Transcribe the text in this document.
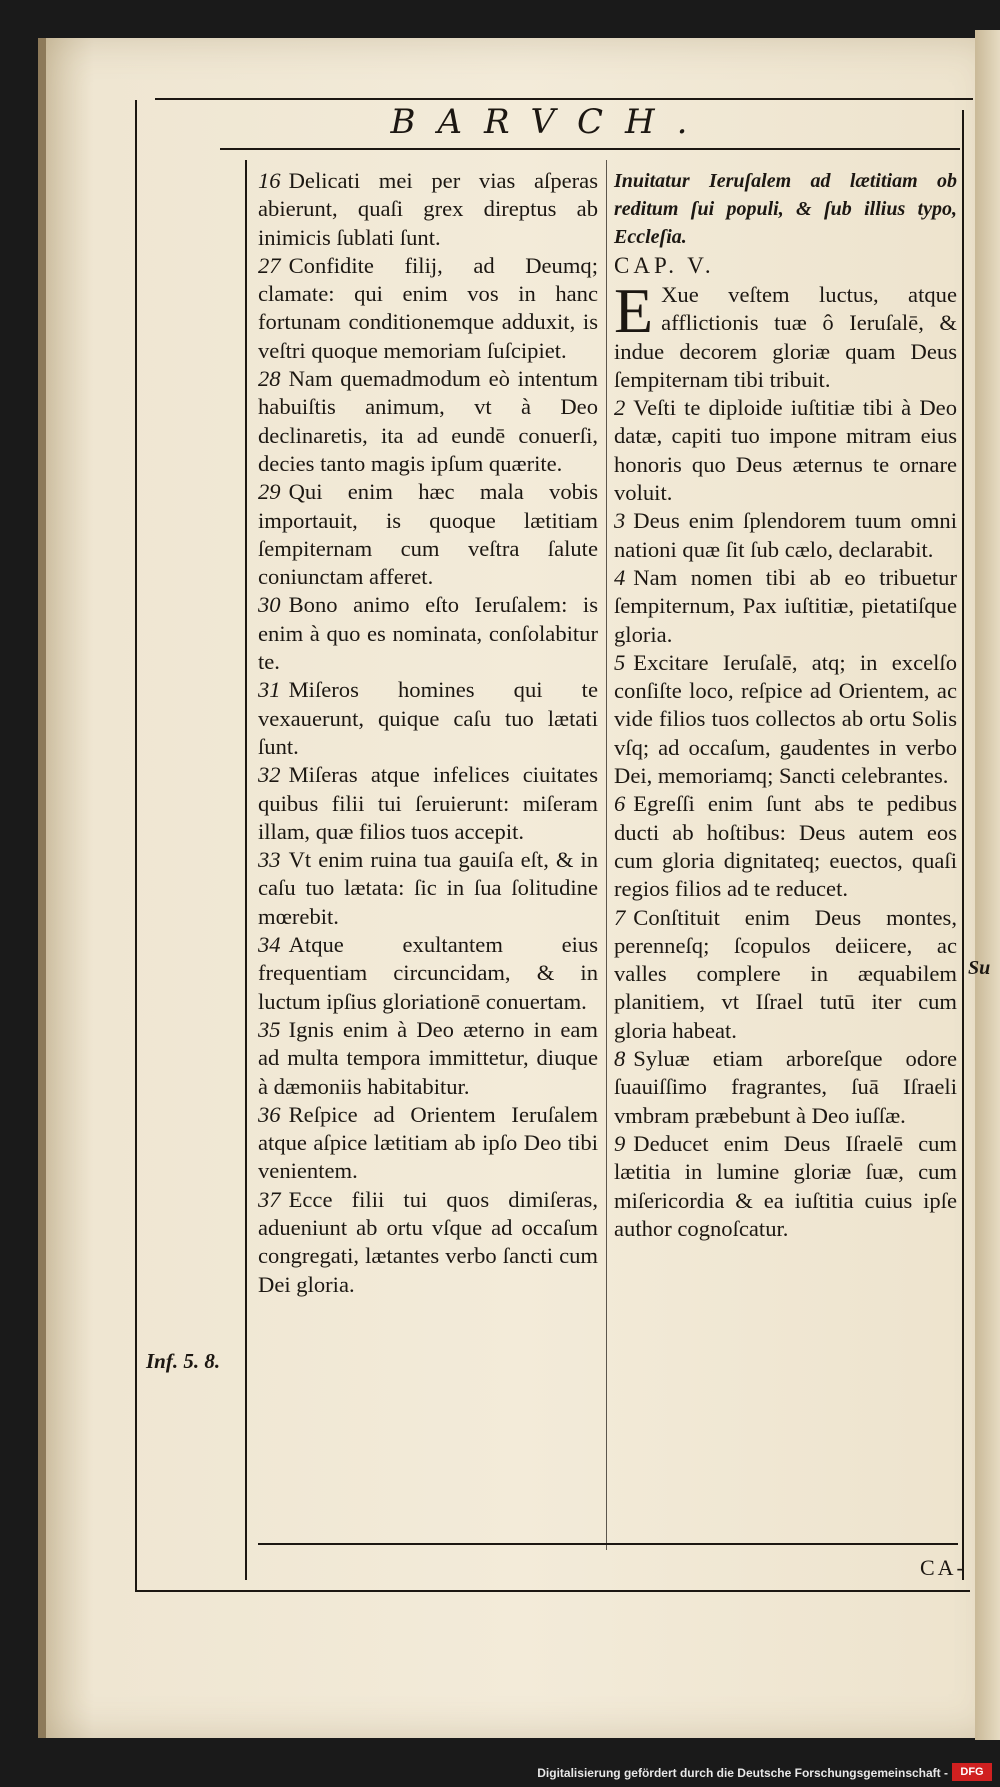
BARVCH.

16 Delicati mei per vias aſperas abierunt, quaſi grex direptus ab inimicis ſublati ſunt.

27 Confidite filij, ad Deumq; clamate: qui enim vos in hanc fortunam conditionemque adduxit, is veſtri quoque memoriam ſuſcipiet.

28 Nam quemadmodum eò intentum habuiſtis animum, vt à Deo declinaretis, ita ad eundē conuerſi, decies tanto magis ipſum quærite.

29 Qui enim hæc mala vobis importauit, is quoque lætitiam ſempiternam cum veſtra ſalute coniunctam afferet.

30 Bono animo eſto Ieruſalem: is enim à quo es nominata, conſolabitur te.

31 Miſeros homines qui te vexauerunt, quique caſu tuo lætati ſunt.

32 Miſeras atque infelices ciuitates quibus filii tui ſeruierunt: miſeram illam, quæ filios tuos accepit.

33 Vt enim ruina tua gauiſa eſt, & in caſu tuo lætata: ſic in ſua ſolitudine mœrebit.

34 Atque exultantem eius frequentiam circuncidam, & in luctum ipſius gloriationē conuertam.

35 Ignis enim à Deo æterno in eam ad multa tempora immittetur, diuque à dæmoniis habitabitur.

36 Reſpice ad Orientem Ieruſalem atque aſpice lætitiam ab ipſo Deo tibi venientem.

37 Ecce filii tui quos dimiſeras, adueniunt ab ortu vſque ad occaſum congregati, lætantes verbo ſancti cum Dei gloria.

Inuitatur Ieruſalem ad lætitiam ob reditum ſui populi, & ſub illius typo, Eccleſia.

CAP. V.

E Xue veſtem luctus, atque afflictionis tuæ ô Ieruſalē, & indue decorem gloriæ quam Deus ſempiternam tibi tribuit.

2 Veſti te diploide iuſtitiæ tibi à Deo datæ, capiti tuo impone mitram eius honoris quo Deus æternus te ornare voluit.

3 Deus enim ſplendorem tuum omni nationi quæ ſit ſub cælo, declarabit.

4 Nam nomen tibi ab eo tribuetur ſempiternum, Pax iuſtitiæ, pietatiſque gloria.

5 Excitare Ieruſalē, atq; in excelſo conſiſte loco, reſpice ad Orientem, ac vide filios tuos collectos ab ortu Solis vſq; ad occaſum, gaudentes in verbo Dei, memoriamq; Sancti celebrantes.

6 Egreſſi enim ſunt abs te pedibus ducti ab hoſtibus: Deus autem eos cum gloria dignitateq; euectos, quaſi regios filios ad te reducet.

7 Conſtituit enim Deus montes, perenneſq; ſcopulos deiicere, ac valles complere in æquabilem planitiem, vt Iſrael tutū iter cum gloria habeat.

8 Syluæ etiam arboreſque odore ſuauiſſimo fragrantes, ſuā Iſraeli vmbram præbebunt à Deo iuſſæ.

9 Deducet enim Deus Iſraelē cum lætitia in lumine gloriæ ſuæ, cum miſericordia & ea iuſtitia cuius ipſe author cognoſcatur.

Inf. 5. 8.
Su
CA-
Digitalisierung gefördert durch die Deutsche Forschungsgemeinschaft -	DFG
